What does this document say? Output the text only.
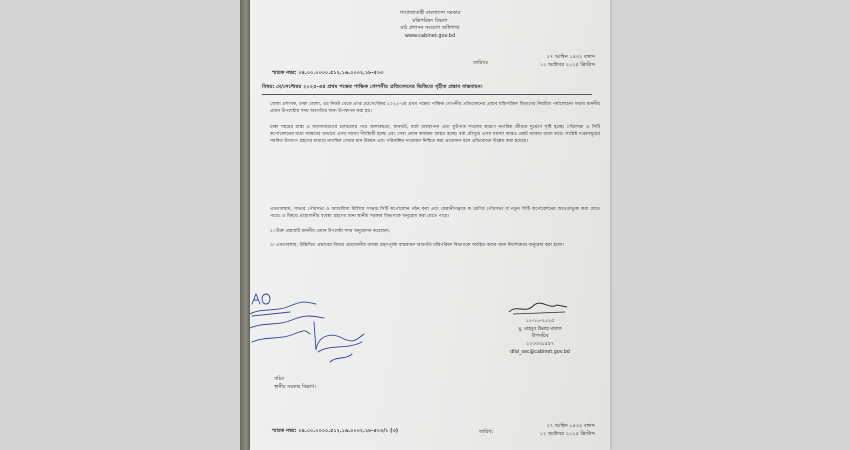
গণপ্রজাতন্ত্রী বাংলাদেশ সরকার
মন্ত্রিপরিষদ বিভাগ
মাঠ প্রশাসন সংযোগ অধিশাখা
www.cabinet.gov.bd
তারিখঃ
২৭ আশ্বিন ১৪৩২ বঙ্গাব্দ
১২ অক্টোবর ২০২৫ খ্রিস্টাব্দ
স্মারক নম্বর: ০৪.০০.০০০০.৫১২.১৬.০০০২.১৮-৫০৩
বিষয়: মে/সেপ্টেম্বর ২০২৫-এর প্রথম পক্ষের পাক্ষিক গোপনীয় প্রতিবেদনের ভিত্তিতে গৃহীত প্রস্তাব বাস্তবায়ন।
জেলা প্রশাসক, ঢাকা জেলা, এর নিকট থেকে প্রাপ্ত মে/সেপ্টেম্বর ২০২৫-এর প্রথম পক্ষের পাক্ষিক গোপনীয় প্রতিবেদনের প্রস্তাব মন্ত্রিপরিষদ বিভাগের নিয়মিত পর্যালোচনা সভায় মাননীয় প্রধান উপদেষ্টার সদয় অবগতির জন্য উপস্থাপন করা হয়।
ঢাকা শহরের রাস্তা ও জনসাধারণের চলাচলের পথে জলাবদ্ধতা, যানজট, বর্জ্য ব্যবস্থাপনা এবং ফুটপাত দখলের কারণে নাগরিক জীবনে দুর্ভোগ সৃষ্টি হচ্ছে। পৌরসভা ও সিটি কর্পোরেশনের মধ্যে সমন্বয়ের অভাবে এসব সমস্যা দীর্ঘস্থায়ী হচ্ছে এবং সেবা প্রদান কার্যক্রম ব্যাহত হচ্ছে। বর্ষা মৌসুমে এসব সমস্যা আরও প্রকট আকার ধারণ করে। সংশ্লিষ্ট দপ্তরসমূহের সমন্বিত উদ্যোগ গ্রহণের মাধ্যমে নাগরিক সেবার মান উন্নয়ন এবং পরিকল্পিত নগরায়ন নিশ্চিত করা প্রয়োজন বলে প্রতিবেদনে উল্লেখ করা হয়েছে।
এমতাবস্থায়, সাভার পৌরসভা ও আশুলিয়া মিলিয়ে সাভার সিটি কর্পোরেশন গঠন করা এবং কেরানীগঞ্জকে ক শ্রেণির পৌরসভা বা নতুন সিটি কর্পোরেশনের আওতাভুক্ত করা যেতে পারে। এ বিষয়ে প্রয়োজনীয় ব্যবস্থা গ্রহণের জন্য স্থানীয় সরকার বিভাগকে অনুরোধ করা যেতে পারে।
২। উক্ত প্রস্তাবটি মাননীয় প্রধান উপদেষ্টা সদয় অনুমোদন করেছেন।
৩। এমতাবস্থায়, উল্লিখিত প্রস্তাবের বিষয়ে প্রয়োজনীয় ব্যবস্থা গ্রহণপূর্বক বাস্তবায়ন অগ্রগতি মন্ত্রিপরিষদ বিভাগকে অবহিত করার জন্য নির্দেশক্রমে অনুরোধ করা হলো।
১২-১০-২০২৫
মু. মাহবুব উল্লাহ মারুফ
উপসচিব
২২৩৩৩১৫৫৭
dfal_sec@cabinet.gov.bd
সচিব
স্থানীয় সরকার বিভাগ।
স্মারক নম্বর: ০৪.০০.০০০০.৫১২.১৬.০০০২.১৮-৫০৩/১ (৩)	তারিখ:
২৭ আশ্বিন ১৪৩২ বঙ্গাব্দ
১২ অক্টোবর ২০২৫ খ্রিস্টাব্দ
